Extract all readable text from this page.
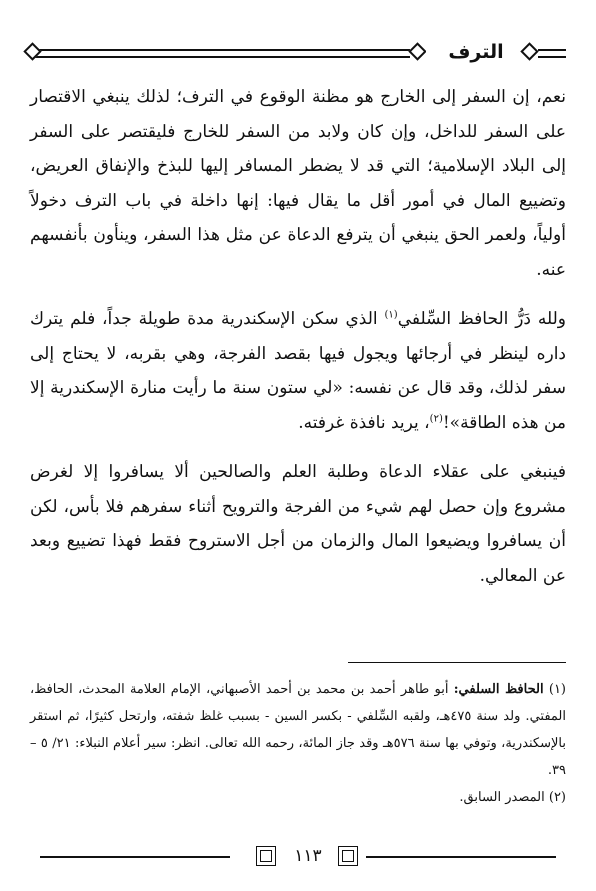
الترف

نعم، إن السفر إلى الخارج هو مظنة الوقوع في الترف؛ لذلك ينبغي الاقتصار على السفر للداخل، وإن كان ولابد من السفر للخارج فليقتصر على السفر إلى البلاد الإسلامية؛ التي قد لا يضطر المسافر إليها للبذخ والإنفاق العريض، وتضييع المال في أمور أقل ما يقال فيها: إنها داخلة في باب الترف دخولاً أولياً، ولعمر الحق ينبغي أن يترفع الدعاة عن مثل هذا السفر، وينأون بأنفسهم عنه.

ولله دَرُّ الحافظ السِّلفي$^{(١)}$ الذي سكن الإسكندرية مدة طويلة جداً، فلم يترك داره لينظر في أرجائها ويجول فيها بقصد الفرجة، وهي بقربه، لا يحتاج إلى سفر لذلك، وقد قال عن نفسه: «لي ستون سنة ما رأيت منارة الإسكندرية إلا من هذه الطاقة»!$^{(٢)}$، يريد نافذة غرفته.

فينبغي على عقلاء الدعاة وطلبة العلم والصالحين ألا يسافروا إلا لغرض مشروع وإن حصل لهم شيء من الفرجة والترويح أثناء سفرهم فلا بأس، لكن أن يسافروا ويضيعوا المال والزمان من أجل الاستروح فقط فهذا تضييع وبعد عن المعالي.

(١) الحافظ السلفي: أبو طاهر أحمد بن محمد بن أحمد الأصبهاني، الإمام العلامة المحدث، الحافظ، المفتي. ولد سنة ٤٧٥هـ، ولقبه السِّلفي - بكسر السين - بسبب غلظ شفته، وارتحل كثيرًا، ثم استقر بالإسكندرية، وتوفي بها سنة ٥٧٦هـ وقد جاز المائة، رحمه الله تعالى. انظر: سير أعلام النبلاء: ٢١/ ٥ – ٣٩.

(٢) المصدر السابق.

١١٣
